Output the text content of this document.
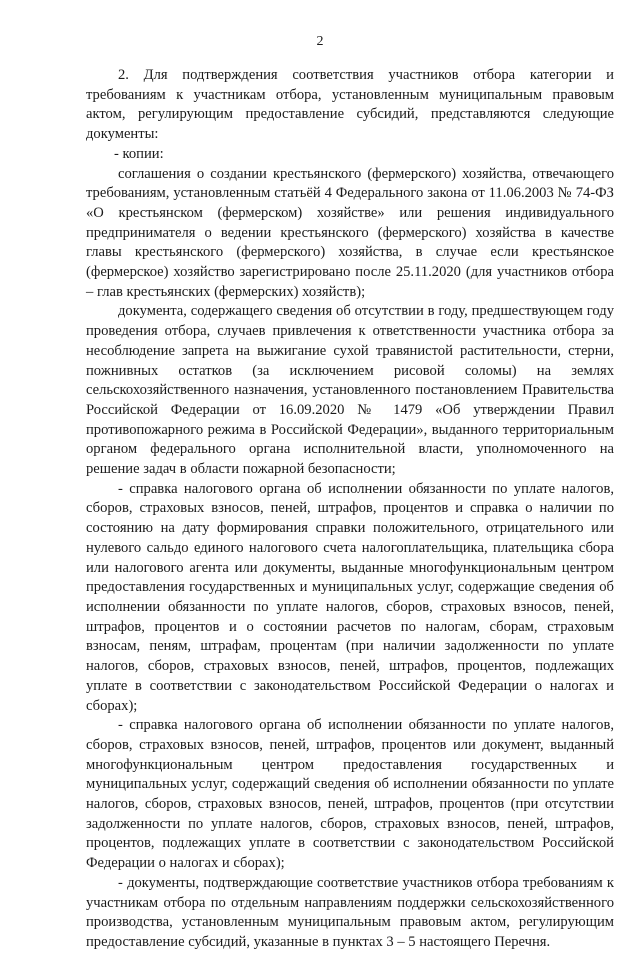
2

2. Для подтверждения соответствия участников отбора категории и требованиям к участникам отбора, установленным муниципальным правовым актом, регулирующим предоставление субсидий, представляются следующие документы:

- копии:

соглашения о создании крестьянского (фермерского) хозяйства, отвечающего требованиям, установленным статьёй 4 Федерального закона от 11.06.2003 № 74-ФЗ «О крестьянском (фермерском) хозяйстве» или решения индивидуального предпринимателя о ведении крестьянского (фермерского) хозяйства в качестве главы крестьянского (фермерского) хозяйства, в случае если крестьянское (фермерское) хозяйство зарегистрировано после 25.11.2020 (для участников отбора – глав крестьянских (фермерских) хозяйств);

документа, содержащего сведения об отсутствии в году, предшествующем году проведения отбора, случаев привлечения к ответственности участника отбора за несоблюдение запрета на выжигание сухой травянистой растительности, стерни, пожнивных остатков (за исключением рисовой соломы) на землях сельскохозяйственного назначения, установленного постановлением Правительства Российской Федерации от 16.09.2020 № 1479 «Об утверждении Правил противопожарного режима в Российской Федерации», выданного территориальным органом федерального органа исполнительной власти, уполномоченного на решение задач в области пожарной безопасности;

- справка налогового органа об исполнении обязанности по уплате налогов, сборов, страховых взносов, пеней, штрафов, процентов и справка о наличии по состоянию на дату формирования справки положительного, отрицательного или нулевого сальдо единого налогового счета налогоплательщика, плательщика сбора или налогового агента или документы, выданные многофункциональным центром предоставления государственных и муниципальных услуг, содержащие сведения об исполнении обязанности по уплате налогов, сборов, страховых взносов, пеней, штрафов, процентов и о состоянии расчетов по налогам, сборам, страховым взносам, пеням, штрафам, процентам (при наличии задолженности по уплате налогов, сборов, страховых взносов, пеней, штрафов, процентов, подлежащих уплате в соответствии с законодательством Российской Федерации о налогах и сборах);

- справка налогового органа об исполнении обязанности по уплате налогов, сборов, страховых взносов, пеней, штрафов, процентов или документ, выданный многофункциональным центром предоставления государственных и муниципальных услуг, содержащий сведения об исполнении обязанности по уплате налогов, сборов, страховых взносов, пеней, штрафов, процентов (при отсутствии задолженности по уплате налогов, сборов, страховых взносов, пеней, штрафов, процентов, подлежащих уплате в соответствии с законодательством Российской Федерации о налогах и сборах);

- документы, подтверждающие соответствие участников отбора требованиям к участникам отбора по отдельным направлениям поддержки сельскохозяйственного производства, установленным муниципальным правовым актом, регулирующим предоставление субсидий, указанные в пунктах 3 – 5 настоящего Перечня.
